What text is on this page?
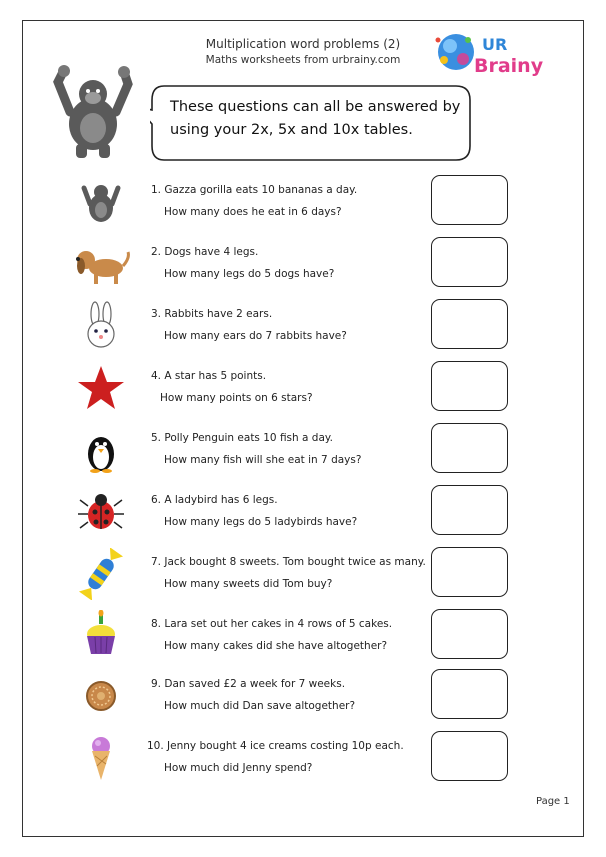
Multiplication word problems (2)
Maths worksheets from urbrainy.com
UR
Brainy
These questions can all be answered by
using your 2x, 5x and 10x tables.
1. Gazza gorilla eats 10 bananas a day.
How many does he eat in 6 days?
2. Dogs have 4 legs.
How many legs do 5 dogs have?
3. Rabbits have 2 ears.
How many ears do 7 rabbits have?
4. A star has 5 points.
How many points on 6 stars?
5. Polly Penguin eats 10 fish a day.
How many fish will she eat in 7 days?
6. A ladybird has 6 legs.
How many legs do 5 ladybirds have?
7. Jack bought 8 sweets. Tom bought twice as many.
How many sweets did Tom buy?
8. Lara set out her cakes in 4 rows of 5 cakes.
How many cakes did she have altogether?
9. Dan saved £2 a week for 7 weeks.
How much did Dan save altogether?
10. Jenny bought 4 ice creams costing 10p each.
How much did Jenny spend?
Page 1
